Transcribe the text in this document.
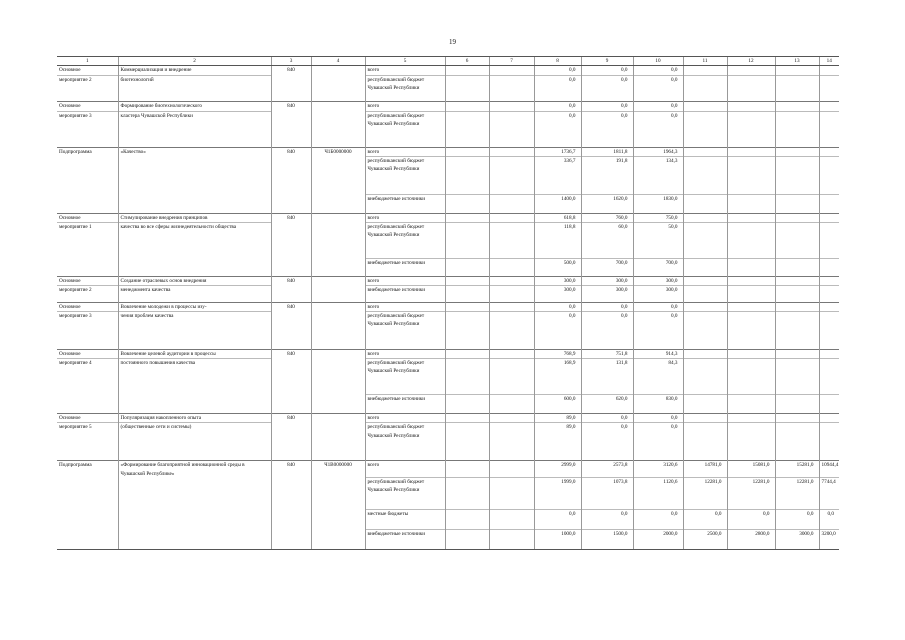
19
1	2	3	4	5	6	7	8	9	10	11	12	13	14
Основное	Коммерциализация и внедрение	840		всего			0,0	0,0	0,0				
мероприятие 2	биотехнологий			республиканский бюджет Чувашской Республики			0,0	0,0	0,0				
Основное	Формирование биотехнологического	840		всего			0,0	0,0	0,0				
мероприятие 3	кластера Чувашской Республики			республиканский бюджет Чувашской Республики			0,0	0,0	0,0				
Подпрограмма	«Качество»	840	Ч1Б0000000	всего			1736,7	1811,8	1964,3				
				республиканский бюджет Чувашской Республики			336,7	191,8	134,3				
				внебюджетные источники			1400,0	1620,0	1830,0				
Основное	Стимулирование внедрения принципов	840		всего			618,8	760,0	750,0				
мероприятие 1	качества во все сферы жизнедеятельности общества			республиканский бюджет Чувашской Республики			118,8	60,0	50,0				
				внебюджетные источники			500,0	700,0	700,0				
Основное	Создание отраслевых основ внедрения	840		всего			300,0	300,0	300,0				
мероприятие 2	менеджмента качества			внебюджетные источники			300,0	300,0	300,0				
Основное	Вовлечение молодежи в процессы изу-	840		всего			0,0	0,0	0,0				
мероприятие 3	чения проблем качества			республиканский бюджет Чувашской Республики			0,0	0,0	0,0				
Основное	Вовлечение целевой аудитории в процессы	840		всего			768,9	751,8	914,3				
мероприятие 4	постоянного повышения качества			республиканский бюджет Чувашской Республики			168,9	131,8	84,3				
				внебюджетные источники			600,0	620,0	830,0				
Основное	Популяризация накопленного опыта	840		всего			89,0	0,0	0,0				
мероприятие 5	(общественные сети и системы)			республиканский бюджет Чувашской Республики			89,0	0,0	0,0				
Подпрограмма	«Формирование благоприятной инновационной среды в Чувашской Республике»	840	Ч1В0000000	всего			2999,0	2573,8	3120,6	14781,0	15081,0	15281,0	10944,4
				республиканский бюджет Чувашской Республики			1999,0	1073,8	1120,6	12281,0	12281,0	12281,0	7744,4
				местные бюджеты			0,0	0,0	0,0	0,0	0,0	0,0	0,0
				внебюджетные источники			1000,0	1500,0	2000,0	2500,0	2800,0	3000,0	3200,0
